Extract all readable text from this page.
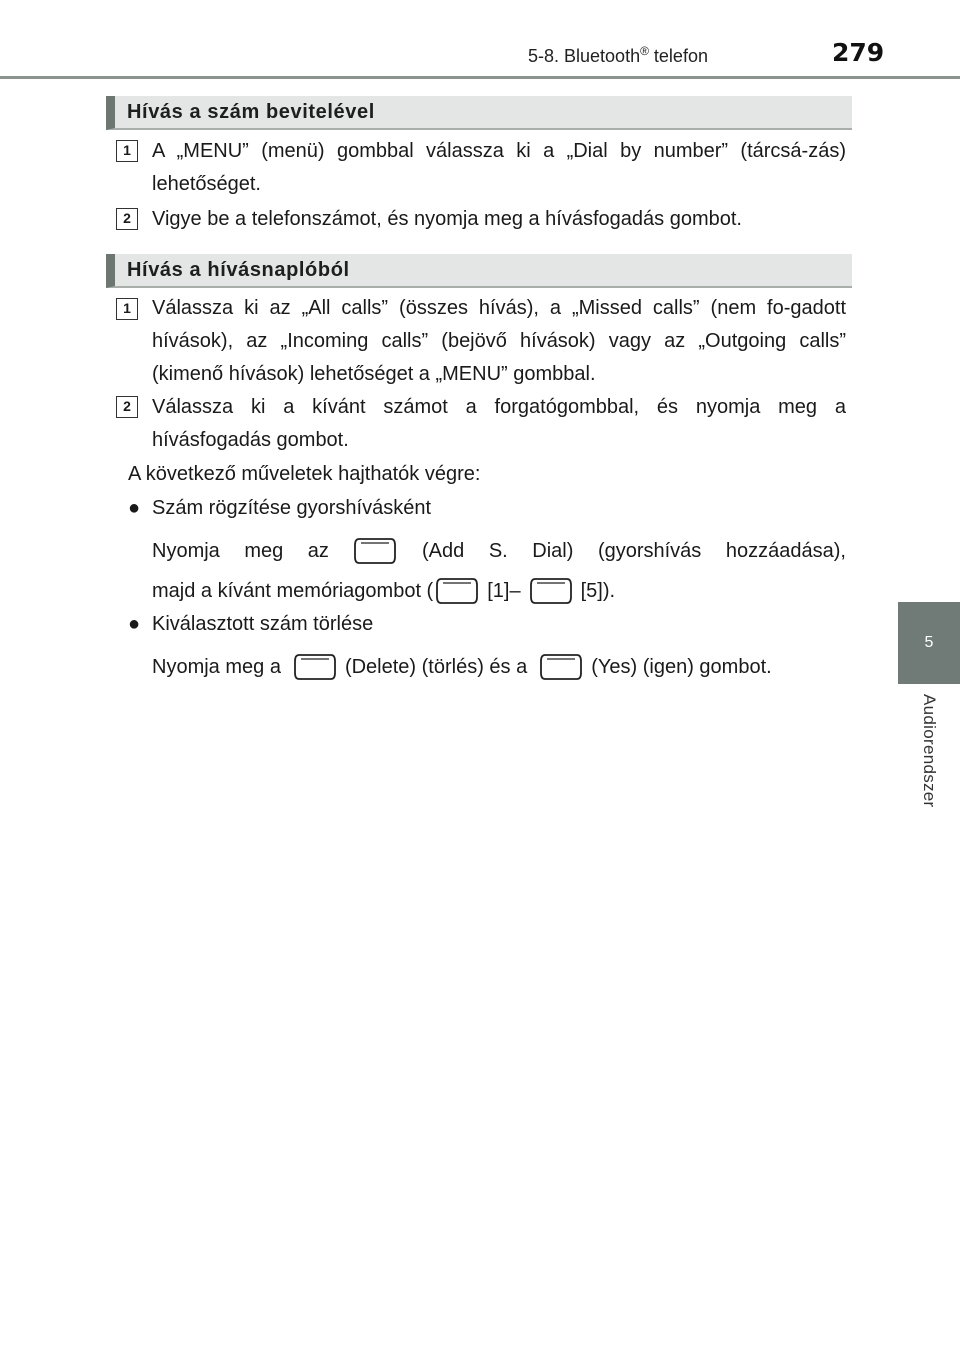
5-8. Bluetooth® telefon	279
5
Audiorendszer
Hívás a szám bevitelével
1	A „MENU” (menü) gombbal válassza ki a „Dial by number” (tárcsá-zás) lehetőséget.
2	Vigye be a telefonszámot, és nyomja meg a hívásfogadás gombot.
Hívás a hívásnaplóból
1	Válassza ki az „All calls” (összes hívás), a „Missed calls” (nem fo-gadott hívások), az „Incoming calls” (bejövő hívások) vagy az „Outgoing calls” (kimenő hívások) lehetőséget a „MENU” gombbal.
2	Válassza ki a kívánt számot a forgatógombbal, és nyomja meg a hívásfogadás gombot.
A következő műveletek hajthatók végre:
● Szám rögzítése gyorshívásként
Nyomja meg az	(Add S. Dial) (gyorshívás hozzáadása),
majd a kívánt memóriagombot (	[1]–	[5]).
● Kiválasztott szám törlése
Nyomja meg a	(Delete) (törlés) és a	(Yes) (igen) gombot.
